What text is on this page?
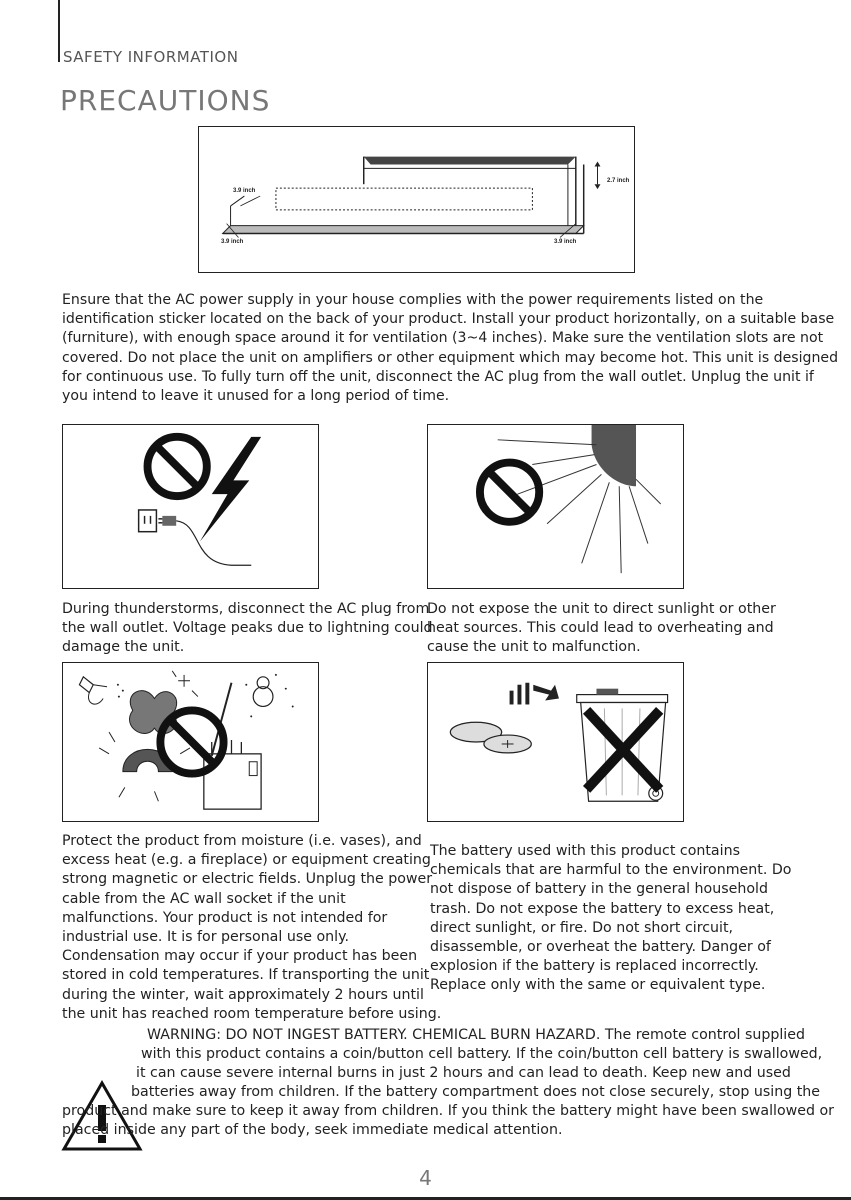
SAFETY INFORMATION
PRECAUTIONS
3.9 inch
2.7 inch
3.9 inch	3.9 inch
Ensure that the AC power supply in your house complies with the power requirements listed on the
identification sticker located on the back of your product. Install your product horizontally, on a suitable base
(furniture), with enough space around it for ventilation (3~4 inches). Make sure the ventilation slots are not
covered. Do not place the unit on amplifiers or other equipment which may become hot. This unit is designed
for continuous use. To fully turn off the unit, disconnect the AC plug from the wall outlet. Unplug the unit if
you intend to leave it unused for a long period of time.
During thunderstorms, disconnect the AC plug from
the wall outlet. Voltage peaks due to lightning could
damage the unit.
Do not expose the unit to direct sunlight or other
heat sources. This could lead to overheating and
cause the unit to malfunction.
Protect the product from moisture (i.e. vases), and
excess heat (e.g. a fireplace) or equipment creating
strong magnetic or electric fields. Unplug the power
cable from the AC wall socket if the unit
malfunctions. Your product is not intended for
industrial use. It is for personal use only.
Condensation may occur if your product has been
stored in cold temperatures. If transporting the unit
during the winter, wait approximately 2 hours until
the unit has reached room temperature before using.
The battery used with this product contains
chemicals that are harmful to the environment. Do
not dispose of battery in the general household
trash. Do not expose the battery to excess heat,
direct sunlight, or fire. Do not short circuit,
disassemble, or overheat the battery. Danger of
explosion if the battery is replaced incorrectly.
Replace only with the same or equivalent type.
WARNING: DO NOT INGEST BATTERY. CHEMICAL BURN HAZARD. The remote control supplied
with this product contains a coin/button cell battery. If the coin/button cell battery is swallowed,
it can cause severe internal burns in just 2 hours and can lead to death. Keep new and used
batteries away from children. If the battery compartment does not close securely, stop using the
product and make sure to keep it away from children. If you think the battery might have been swallowed or
placed inside any part of the body, seek immediate medical attention.
4
